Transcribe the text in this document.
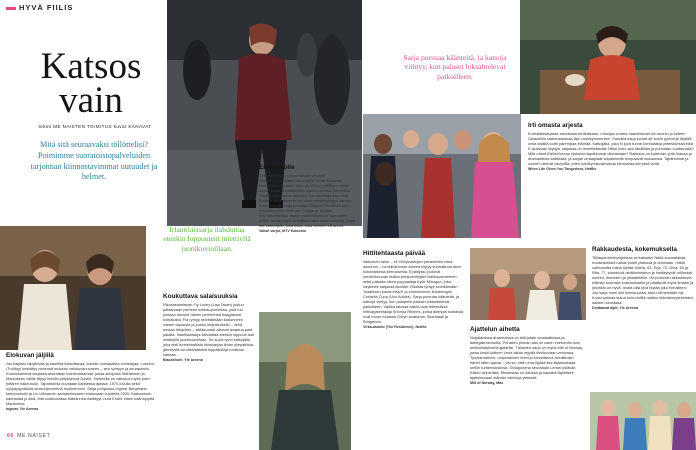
HYVÄ FIILIS
Katsos
vain
teksti ME NAISTEN TOIMITUS kuvat KANAVAT
Mitä sitä seuraavaksi töllöttelisi? Poimimme suoratoistopalveluiden tarjonnan kiinnostavimmat uutuudet ja helmet.
Irlantilaissarja ilahduttaa etenkin loppuunsti miettiyllä juonikuvioillaan.
Sarja pursuaa käänteitä, ja katsoja viihtyy, kun palaset loksahtelevat paikoilleen.
Elokuvan jäljillä

Jos kaipaat viipyilevää ja kauniita katsottavaa, kokeile ruotsalaista minisarjaa. Lokeron (Trolltoy) keskittyy nimensä mukaan valokuvanuuseen – sen syntyyn ja seurauksiin. Kuusiosainesa sarjassa seurataan kolmiodraamaa, jossa avioparin Mariannen ja Markuksen välille läpyy heidän yrityksensä Daviid. Suhteella on vaikutus myös parin tyttären hakeutuun. Tapahtumia kuvataan kahdessa ajassa: 1970-luvulla sekä nykyaysyväsisä suvaohjemmenä myöhemmin. Sarja pohjautuu Ingmar Bergmanin kertomuksiin ja Liv Ullmannin samannimiseen elokuvaan vuodelta 2000. Katsomisen kannattaa jo sikä, että roolikuvassa Mariannea esittäyyt Lena Endre eläen käännytyttä Mariannea.

Ingmar, Yle Areena
Koukuttava salaisuuksia

Rikosasiamiesan Fly Lucey (Lisa Dwan) joutuu palaamaan pieneen kotikaupunkiinsa, joka tuo pintaan muistot hänen perheensä traagisesta kohtalosta. Fia ryhtyy selvittämään kadonneen naisen tapausta ja joutuu ketjuseuksiin – sekä omaan lähipiiriin – sääskuudet alkavat avautua pala palalta. Irlantilaissarja ilahduttaa etenkin loppuun asti mietityillä juonikuvioillaan. Se sopii hyvin katsojalle, joka etsii tunnelmallisia rikossarjaa ilman yliepatilisia jännitystä tai väkivaltaista hippailiikirjä roolituus kansaa.

Blackshore, Yle Areena
Ei toisikolle

Sekoiskondaali ministeriössä! Venäjän hybridivaikuttamisen kiemuroita! Krista Kosonen tinnuroitissi! Ruotsin Yirit.n ja MTV:n poliittinen trilleri Vallan varjot on rakennettu ajankohtaisista teemoista. Tapahtumat saavat alkunsa, kun toimittaja saa vihiä Ruotsin ulkoministerin puuhista prostituutiojen kanssa. Kuuniosainen sarja perustuu Magnus Montelabusen romaaniin Arto mihinder. Sarjaa on kuvattu suuriatsuksekssi, mutta dramatiikkaa on rakennettu jonkin verran myös sekoittavuuden tuotemuksella. Sopii siis katselijalle, joka osaa ottaa viihteen viihteenä.

Vallan varjot, MTV Katsomo
Hittitehtaasta päivää

Valkoinen talon – eli Yhdysvaltojen presidentin virka-asunnon – henkilökunnan arkeea löytyy surmattuna talon kokonaisesta kerroksesta. Epäiltyksi joutuvat henkilökunnan lisäksi presidentinjäet illalliusvieraineen sekä paikalla oleva poppaalaja Kylie Minogue, joka näyttelee sarjassa itseään. Rikosta ryhtyy selvittämään 'maailman paras etsivä' ja intohimoinen lintubongari Cordelia Cupp (Uzo Aduba). Sarja pursuaa käänteitä, ja katsoja viihtyy, kun palapelin palaset loksahtelevat paikoilleen. Vaikka talossa kaikki ovat tekemässä hittisarjatehtailija Shonda Rhimes, jonka aiempia tuotoksia ovat muun muassa Greyn anatomia, Skandaali ja Bridgerton.

Virka-asunto (The Residence), Netflix	Ajattelun aihetta

Norjalaisissa draamoissa on sitä jotain omalaatuisua ja aaiingalenevuutta. Prinsiten pinnan alla on usein enemmän kuin ensisilmäyksellä ajattelisi. Tällainen sarja on myös Milf of Norway, jossa keski-ikäinen Lena alkaa myydä tisvikuviaan verkossa. Työelämänkiro, unipimaiinen telmi ja kuluvittunut avioliittokin hänet sillen ajavat – vai se, että Lena löytää itse lisäatukkaaa omilin tuntemuksiinsa. Sivuajonena seurataan Lenan ystävän Kikkin aviokriisiä. Mindestaa on hauska ja samalla täytelisee ajattelemaan elämän valintoja yleisesti.

Milf of Norway, Max
Irti omasta arjesta

Korealaissarjasse seurataan tunteikkaan, ruhoiljan uraisia haavelleivan Ae-suonin ja toiteen Gwansikin rakkaustarinaa läpi vuosikymmenten. Samalla sarja kuvaa de sunin pyrintöjä täyttää omia sisälta kohti parempaa elämää. Katsojalla, joka ei juuri tunne korealaista yhteiskuntaa eikä K-draaman täyttyä, sarjassa on ihmetteltävää: Miksi koko apu täsätään ja puhutaan huutamalla? Mitä nämä Etelä-Korean historian tapahtumat oikeastaan? Rakkaus on kuitenkin yhtä ihanaa ja dramaattista kaikkialla, ja sarjan omaaplaat taipalehmät tempaavat mukaansa. Tapahtumat ja vuodet vierivät vauhdilla, joten kolottymisvalmuksia kiinnostaa kiirryksii vettä.

When Life Gives You Tangerines, Netflix
Rakkaudesta, kokemuksella

'Sillassa dettinohjelmaa se katsoitu! Näitä suomalaisia, ruotsinkielisiä naisia poisti yhdessä ja tehollaan, mistä varttunoitta mielä löytää: Maria, 64, Erja, 72, Gina, 63 ja Rita, 77, tutustuvat deittinohelelun ja heittäytyvät rohkeasti uuteen, itseinden ja pikadeiteille. He puhuvat rakkaudesta elämän tuomalla kokemuksella ja päättyvät myös ilmaan ja yksinkin on hyvä, mutta olisi kiva löytää joku rinnalleen.' Jos sarja meni sihi heimkuussa, tarku viimeistään nyt. Kuusi pekkaa kulua kuin silvillä näiden elämänmyönteisten naisten seurassa.

Deittaavat äipit, Yle Areena
66 ME NAISET
